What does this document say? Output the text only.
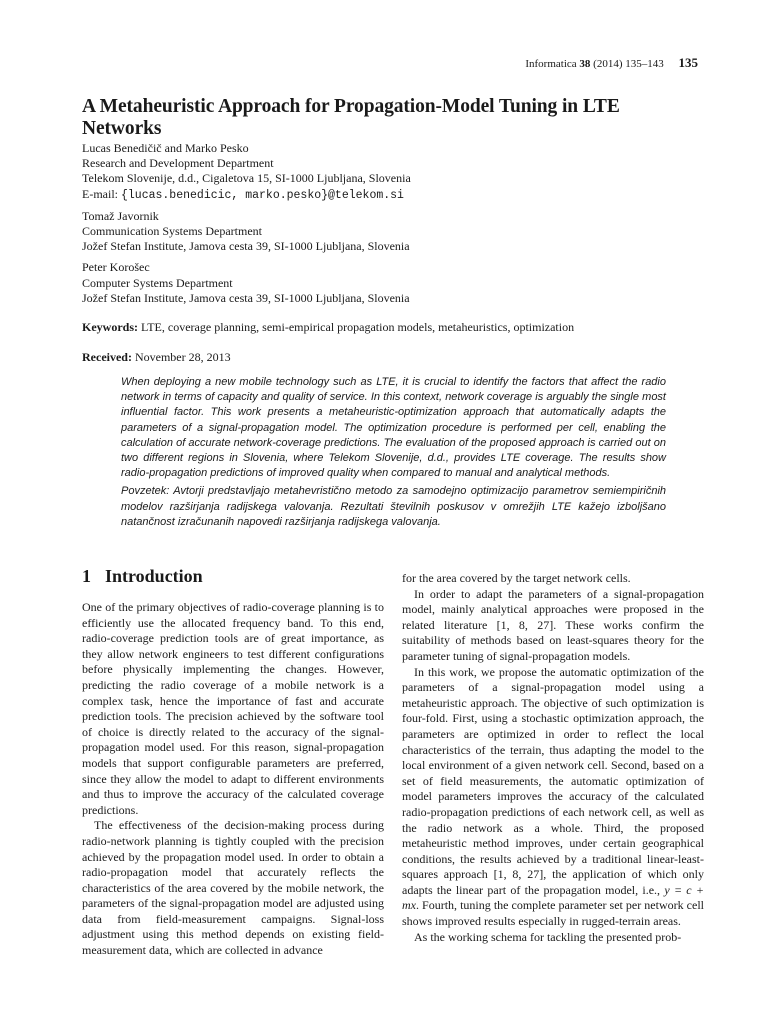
Informatica 38 (2014) 135–143 135
A Metaheuristic Approach for Propagation-Model Tuning in LTE Networks
Lucas Benedičič and Marko Pesko
Research and Development Department
Telekom Slovenije, d.d., Cigaletova 15, SI-1000 Ljubljana, Slovenia
E-mail: {lucas.benedicic, marko.pesko}@telekom.si
Tomaž Javornik
Communication Systems Department
Jožef Stefan Institute, Jamova cesta 39, SI-1000 Ljubljana, Slovenia
Peter Korošec
Computer Systems Department
Jožef Stefan Institute, Jamova cesta 39, SI-1000 Ljubljana, Slovenia
Keywords: LTE, coverage planning, semi-empirical propagation models, metaheuristics, optimization
Received: November 28, 2013

When deploying a new mobile technology such as LTE, it is crucial to identify the factors that affect the radio network in terms of capacity and quality of service. In this context, network coverage is arguably the single most influential factor. This work presents a metaheuristic-optimization approach that automatically adapts the parameters of a signal-propagation model. The optimization procedure is performed per cell, enabling the calculation of accurate network-coverage predictions. The evaluation of the proposed approach is carried out on two different regions in Slovenia, where Telekom Slovenije, d.d., provides LTE coverage. The results show radio-propagation predictions of improved quality when compared to manual and analytical methods.

Povzetek: Avtorji predstavljajo metahevristično metodo za samodejno optimizacijo parametrov semiempiričnih modelov razširjanja radijskega valovanja. Rezultati številnih poskusov v omrežjih LTE kažejo izboljšano natančnost izračunanih napovedi razširjanja radijskega valovanja.

1 Introduction

One of the primary objectives of radio-coverage planning is to efficiently use the allocated frequency band. To this end, radio-coverage prediction tools are of great importance, as they allow network engineers to test different configurations before physically implementing the changes. However, predicting the radio coverage of a mobile network is a complex task, hence the importance of fast and accurate prediction tools. The precision achieved by the software tool of choice is directly related to the accuracy of the signal-propagation model used. For this reason, signal-propagation models that support configurable parameters are preferred, since they allow the model to adapt to different environments and thus to improve the accuracy of the calculated coverage predictions.

The effectiveness of the decision-making process during radio-network planning is tightly coupled with the precision achieved by the propagation model used. In order to obtain a radio-propagation model that accurately reflects the characteristics of the area covered by the mobile network, the parameters of the signal-propagation model are adjusted using data from field-measurement campaigns. Signal-loss adjustment using this method depends on existing field-measurement data, which are collected in advance

for the area covered by the target network cells.

In order to adapt the parameters of a signal-propagation model, mainly analytical approaches were proposed in the related literature [1, 8, 27]. These works confirm the suitability of methods based on least-squares theory for the parameter tuning of signal-propagation models.

In this work, we propose the automatic optimization of the parameters of a signal-propagation model using a metaheuristic approach. The objective of such optimization is four-fold. First, using a stochastic optimization approach, the parameters are optimized in order to reflect the local characteristics of the terrain, thus adapting the model to the local environment of a given network cell. Second, based on a set of field measurements, the automatic optimization of model parameters improves the accuracy of the calculated radio-propagation predictions of each network cell, as well as the radio network as a whole. Third, the proposed metaheuristic method improves, under certain geographical conditions, the results achieved by a traditional linear-least-squares approach [1, 8, 27], the application of which only adapts the linear part of the propagation model, i.e., y = c + mx. Fourth, tuning the complete parameter set per network cell shows improved results especially in rugged-terrain areas.

As the working schema for tackling the presented prob-
